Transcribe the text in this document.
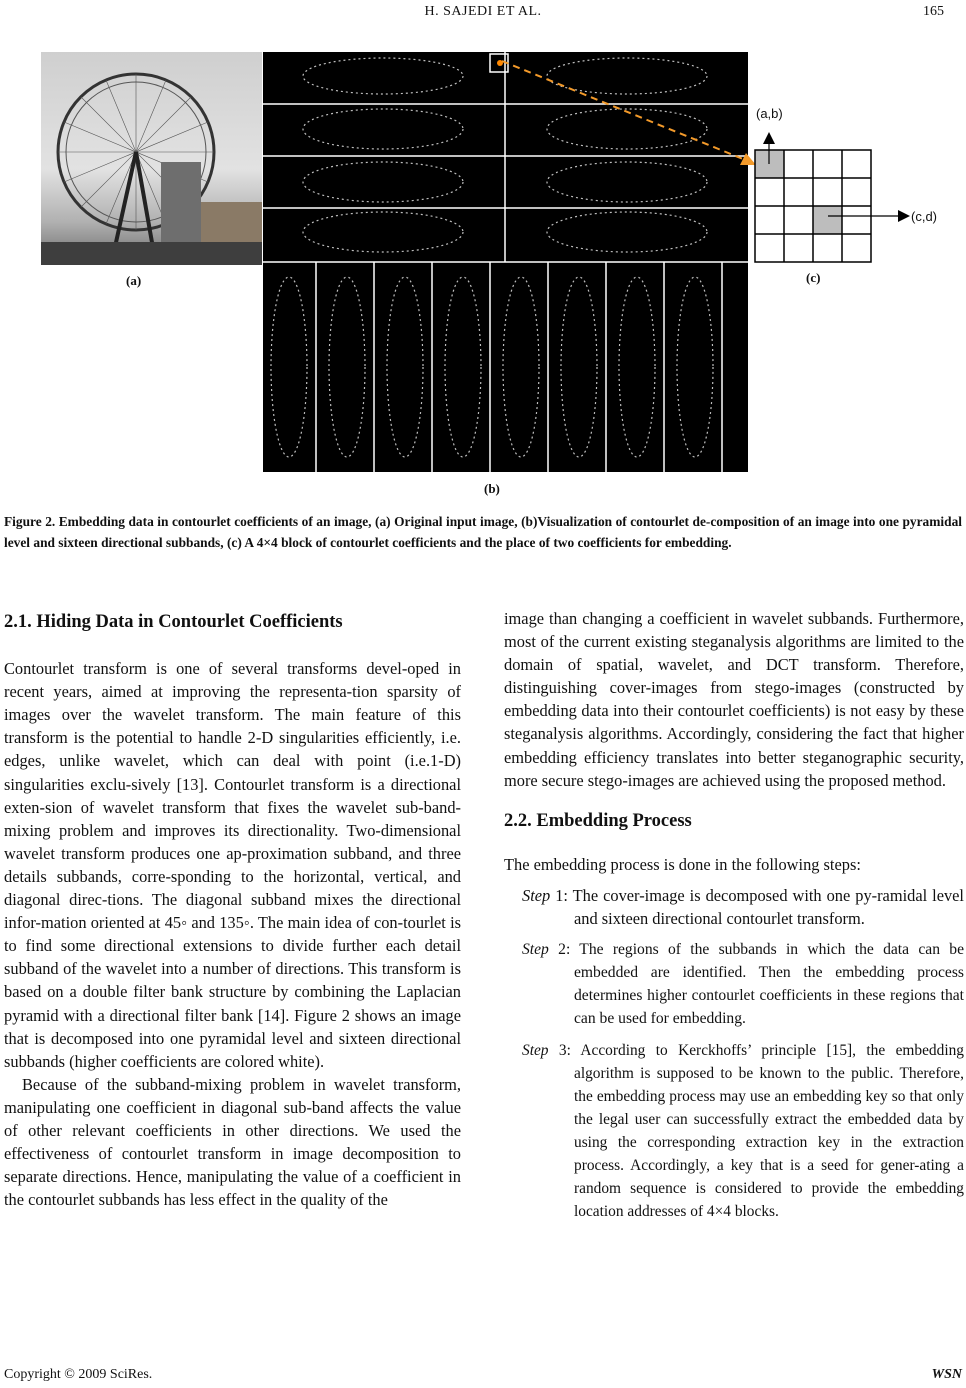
H. SAJEDI ET AL.	165
(a)
(b)
(a,b)
(c,d)
(c)
Figure 2. Embedding data in contourlet coefficients of an image, (a) Original input image, (b)Visualization of contourlet de-composition of an image into one pyramidal level and sixteen directional subbands, (c) A 4×4 block of contourlet coefficients and the place of two coefficients for embedding.
2.1. Hiding Data in Contourlet Coefficients

Contourlet transform is one of several transforms devel-oped in recent years, aimed at improving the representa-tion sparsity of images over the wavelet transform. The main feature of this transform is the potential to handle 2-D singularities efficiently, i.e. edges, unlike wavelet, which can deal with point (i.e.1-D) singularities exclu-sively [13]. Contourlet transform is a directional exten-sion of wavelet transform that fixes the wavelet sub-band-mixing problem and improves its directionality. Two-dimensional wavelet transform produces one ap-proximation subband, and three details subbands, corre-sponding to the horizontal, vertical, and diagonal direc-tions. The diagonal subband mixes the directional infor-mation oriented at 45◦ and 135◦. The main idea of con-tourlet is to find some directional extensions to divide further each detail subband of the wavelet into a number of directions. This transform is based on a double filter bank structure by combining the Laplacian pyramid with a directional filter bank [14]. Figure 2 shows an image that is decomposed into one pyramidal level and sixteen directional subbands (higher coefficients are colored white).

Because of the subband-mixing problem in wavelet transform, manipulating one coefficient in diagonal sub-band affects the value of other relevant coefficients in other directions. We used the effectiveness of contourlet transform in image decomposition to separate directions. Hence, manipulating the value of a coefficient in the contourlet subbands has less effect in the quality of the

image than changing a coefficient in wavelet subbands. Furthermore, most of the current existing steganalysis algorithms are limited to the domain of spatial, wavelet, and DCT transform. Therefore, distinguishing cover-images from stego-images (constructed by embedding data into their contourlet coefficients) is not easy by these steganalysis algorithms. Accordingly, considering the fact that higher embedding efficiency translates into better steganographic security, more secure stego-images are achieved using the proposed method.

2.2. Embedding Process

The embedding process is done in the following steps:

Step 1: The cover-image is decomposed with one py-ramidal level and sixteen directional contourlet transform.

Step 2: The regions of the subbands in which the data can be embedded are identified. Then the embedding process determines higher contourlet coefficients in these regions that can be used for embedding.

Step 3: According to Kerckhoffs’ principle [15], the embedding algorithm is supposed to be known to the public. Therefore, the embedding process may use an embedding key so that only the legal user can successfully extract the embedded data by using the corresponding extraction key in the extraction process. Accordingly, a key that is a seed for gener-ating a random sequence is considered to provide the embedding location addresses of 4×4 blocks.

Copyright © 2009 SciRes.	WSN
